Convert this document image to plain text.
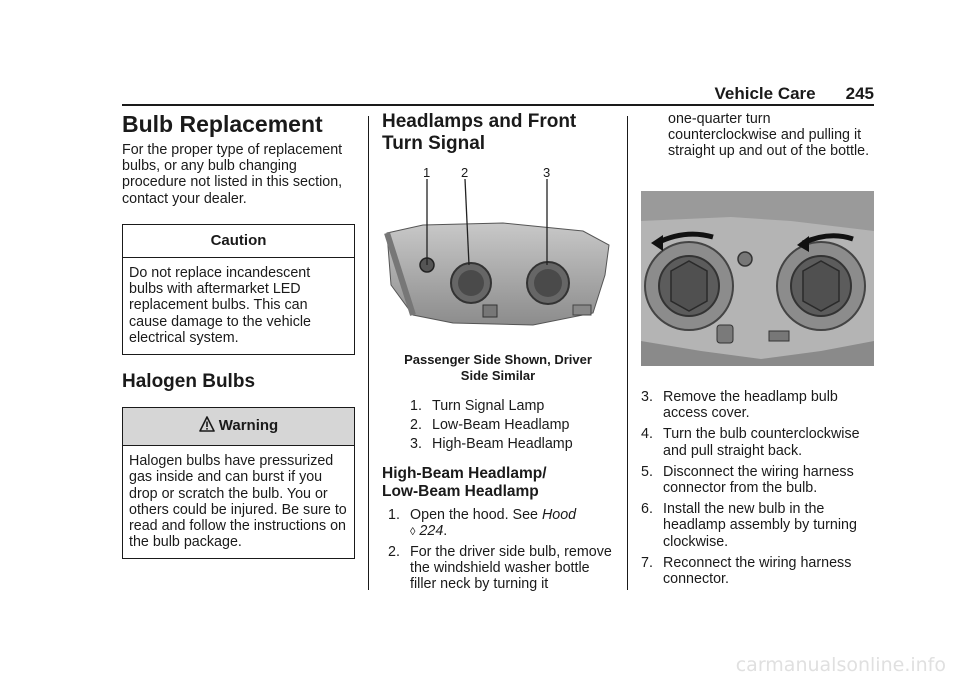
Vehicle Care 245
Bulb Replacement

For the proper type of replacement bulbs, or any bulb changing procedure not listed in this section, contact your dealer.

Caution
Do not replace incandescent bulbs with aftermarket LED replacement bulbs. This can cause damage to the vehicle electrical system.
Halogen Bulbs
Warning
Halogen bulbs have pressurized gas inside and can burst if you drop or scratch the bulb. You or others could be injured. Be sure to read and follow the instructions on the bulb package.
Headlamps and Front
Turn Signal
1 2	3
Passenger Side Shown, Driver
Side Similar
1. Turn Signal Lamp
2. Low-Beam Headlamp
3. High-Beam Headlamp
High-Beam Headlamp/
Low-Beam Headlamp
1. Open the hood. See Hood
◊ 224.
2. For the driver side bulb, remove the windshield washer bottle filler neck by turning it

one-quarter turn counterclockwise and pulling it straight up and out of the bottle.

3. Remove the headlamp bulb access cover.
4. Turn the bulb counterclockwise and pull straight back.
5. Disconnect the wiring harness connector from the bulb.
6. Install the new bulb in the headlamp assembly by turning clockwise.
7. Reconnect the wiring harness connector.
carmanualsonline.info
